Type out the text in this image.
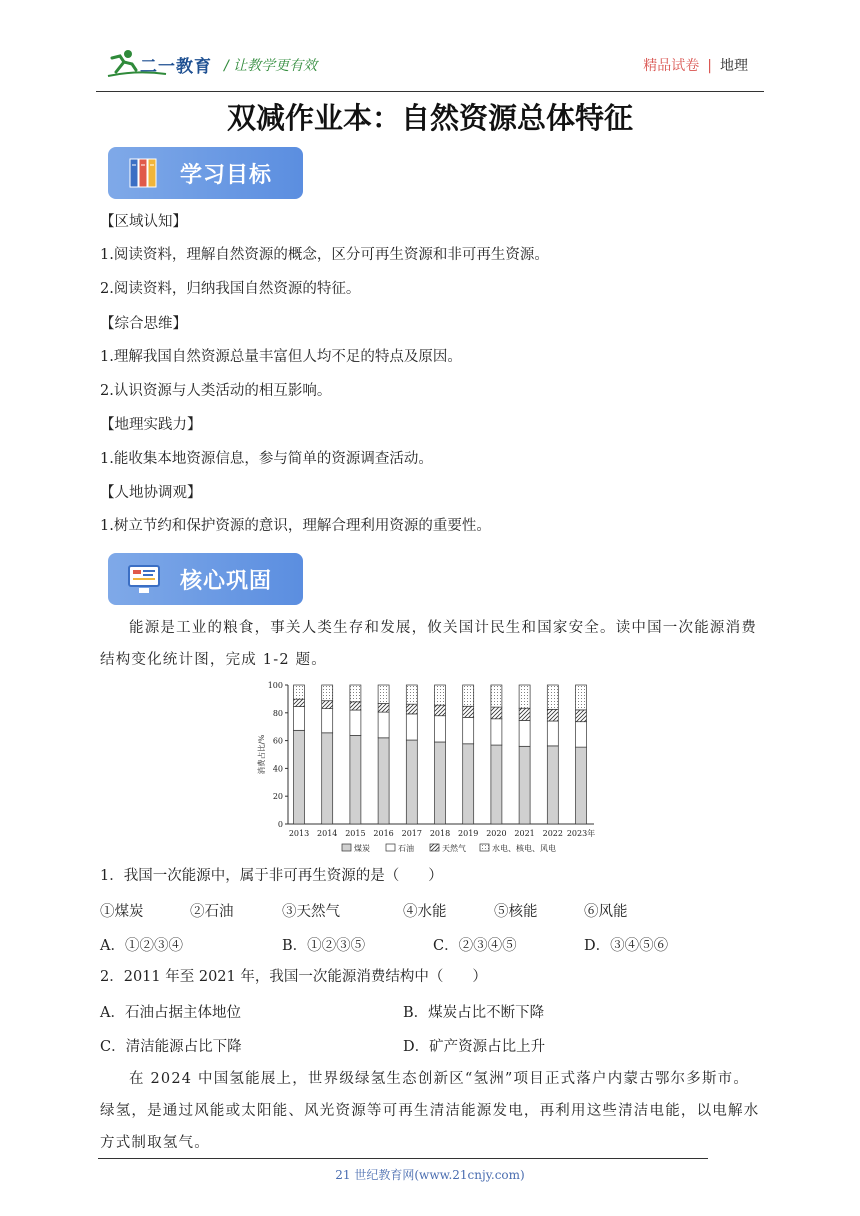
二一教育 / 让教学更有效	精品试卷 | 地理
双减作业本：自然资源总体特征
学习目标
【区域认知】
1.阅读资料，理解自然资源的概念，区分可再生资源和非可再生资源。
2.阅读资料，归纳我国自然资源的特征。
【综合思维】
1.理解我国自然资源总量丰富但人均不足的特点及原因。
2.认识资源与人类活动的相互影响。
【地理实践力】
1.能收集本地资源信息，参与简单的资源调查活动。
【人地协调观】
1.树立节约和保护资源的意识，理解合理利用资源的重要性。
核心巩固
能源是工业的粮食，事关人类生存和发展，攸关国计民生和国家安全。读中国一次能源消费结构变化统计图，完成 1-2 题。
0
20
40
60
80
100
消费占比/%
2013 2014 2015 2016 2017 2018 2019 2020 2021 2022 2023年
煤炭	石油	天然气	水电、核电、风电
1．我国一次能源中，属于非可再生资源的是（　　）
①煤炭	②石油	③天然气	④水能	⑤核能	⑥风能
A．①②③④	B．①②③⑤	C．②③④⑤	D．③④⑤⑥
2．2011 年至 2021 年，我国一次能源消费结构中（　　）
A．石油占据主体地位	B．煤炭占比不断下降
C．清洁能源占比下降	D．矿产资源占比上升
在 2024 中国氢能展上，世界级绿氢生态创新区“氢洲”项目正式落户内蒙古鄂尔多斯市。绿氢，是通过风能或太阳能、风光资源等可再生清洁能源发电，再利用这些清洁电能，以电解水方式制取氢气。
21 世纪教育网(www.21cnjy.com)
